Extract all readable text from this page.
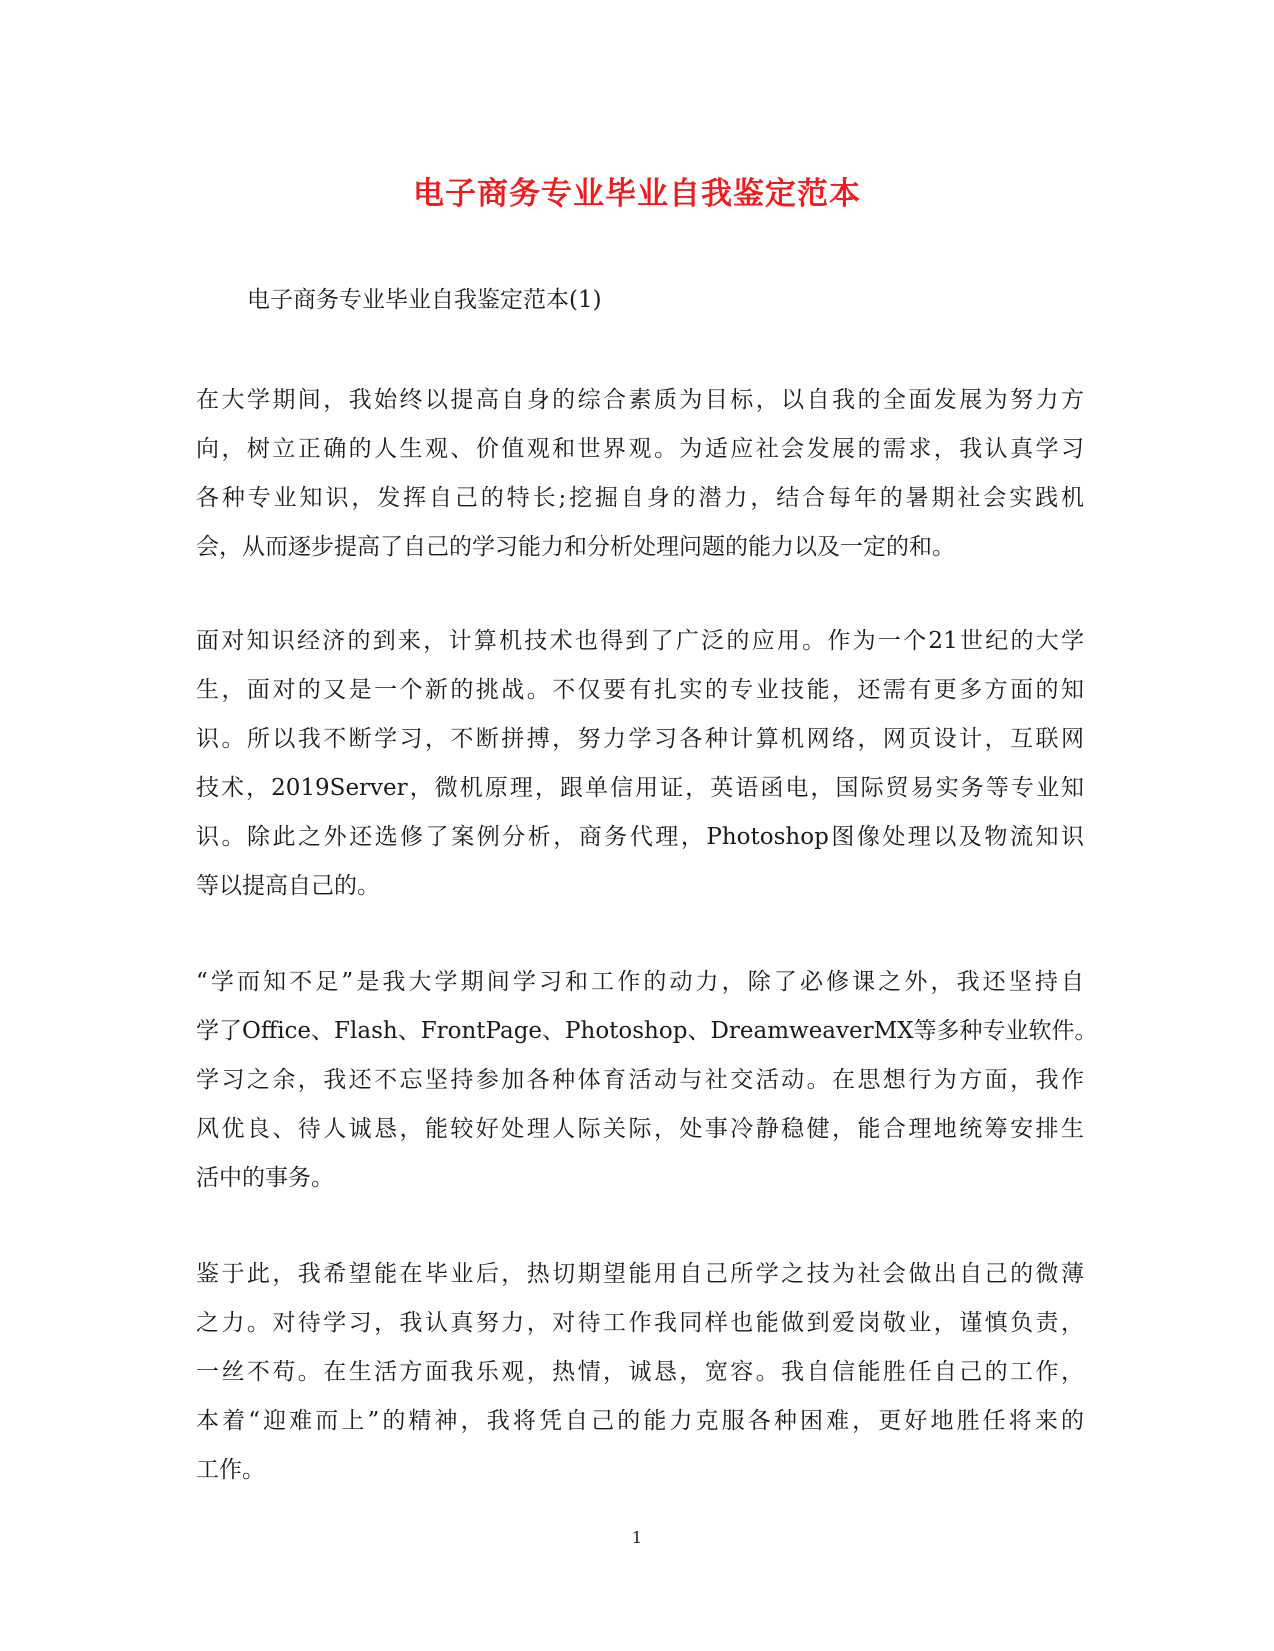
电子商务专业毕业自我鉴定范本
电子商务专业毕业自我鉴定范本(1)
在大学期间，我始终以提高自身的综合素质为目标，以自我的全面发展为努力方
向，树立正确的人生观、价值观和世界观。为适应社会发展的需求，我认真学习
各种专业知识，发挥自己的特长;挖掘自身的潜力，结合每年的暑期社会实践机
会，从而逐步提高了自己的学习能力和分析处理问题的能力以及一定的和。
面对知识经济的到来，计算机技术也得到了广泛的应用。作为一个21世纪的大学
生，面对的又是一个新的挑战。不仅要有扎实的专业技能，还需有更多方面的知
识。所以我不断学习，不断拼搏，努力学习各种计算机网络，网页设计，互联网
技术，2019Server，微机原理，跟单信用证，英语函电，国际贸易实务等专业知
识。除此之外还选修了案例分析，商务代理，Photoshop图像处理以及物流知识
等以提高自己的。
“学而知不足”是我大学期间学习和工作的动力，除了必修课之外，我还坚持自
学了Office、Flash、FrontPage、Photoshop、DreamweaverMX等多种专业软件。
学习之余，我还不忘坚持参加各种体育活动与社交活动。在思想行为方面，我作
风优良、待人诚恳，能较好处理人际关际，处事冷静稳健，能合理地统筹安排生
活中的事务。
鉴于此，我希望能在毕业后，热切期望能用自己所学之技为社会做出自己的微薄
之力。对待学习，我认真努力，对待工作我同样也能做到爱岗敬业，谨慎负责，
一丝不苟。在生活方面我乐观，热情，诚恳，宽容。我自信能胜任自己的工作，
本着“迎难而上”的精神，我将凭自己的能力克服各种困难，更好地胜任将来的
工作。
1
